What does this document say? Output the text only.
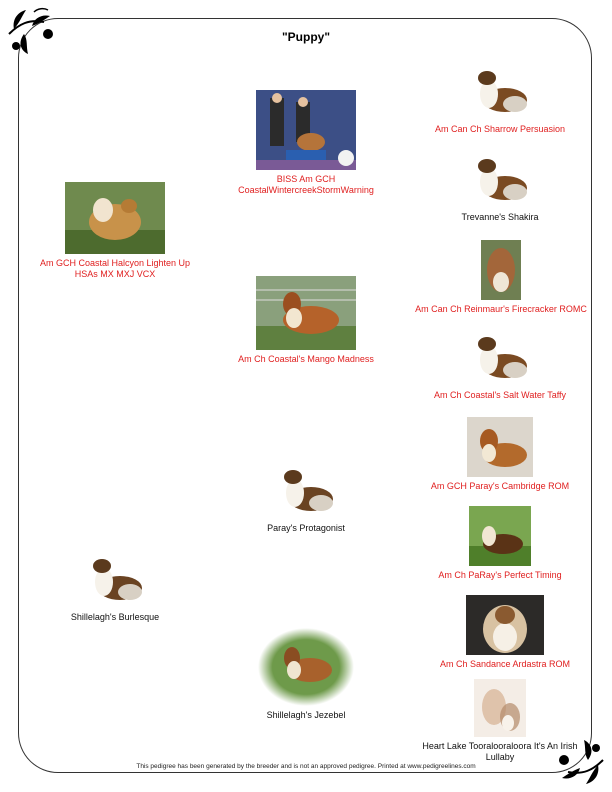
"Puppy"
Am GCH Coastal Halcyon Lighten Up HSAs MX MXJ VCX
BISS Am GCH CoastalWintercreekStormWarning
Am Can Ch Sharrow Persuasion
Trevanne's Shakira
Am Ch Coastal's Mango Madness
Am Can Ch Reinmaur's Firecracker ROMC
Am Ch Coastal's Salt Water Taffy
Paray's Protagonist
Am GCH Paray's Cambridge ROM
Am Ch PaRay's Perfect Timing
Shillelagh's Burlesque
Shillelagh's Jezebel
Am Ch Sandance Ardastra ROM
Heart Lake Tooralooraloora It's An Irish Lullaby
This pedigree has been generated by the breeder and is not an approved pedigree. Printed at www.pedigreelines.com
